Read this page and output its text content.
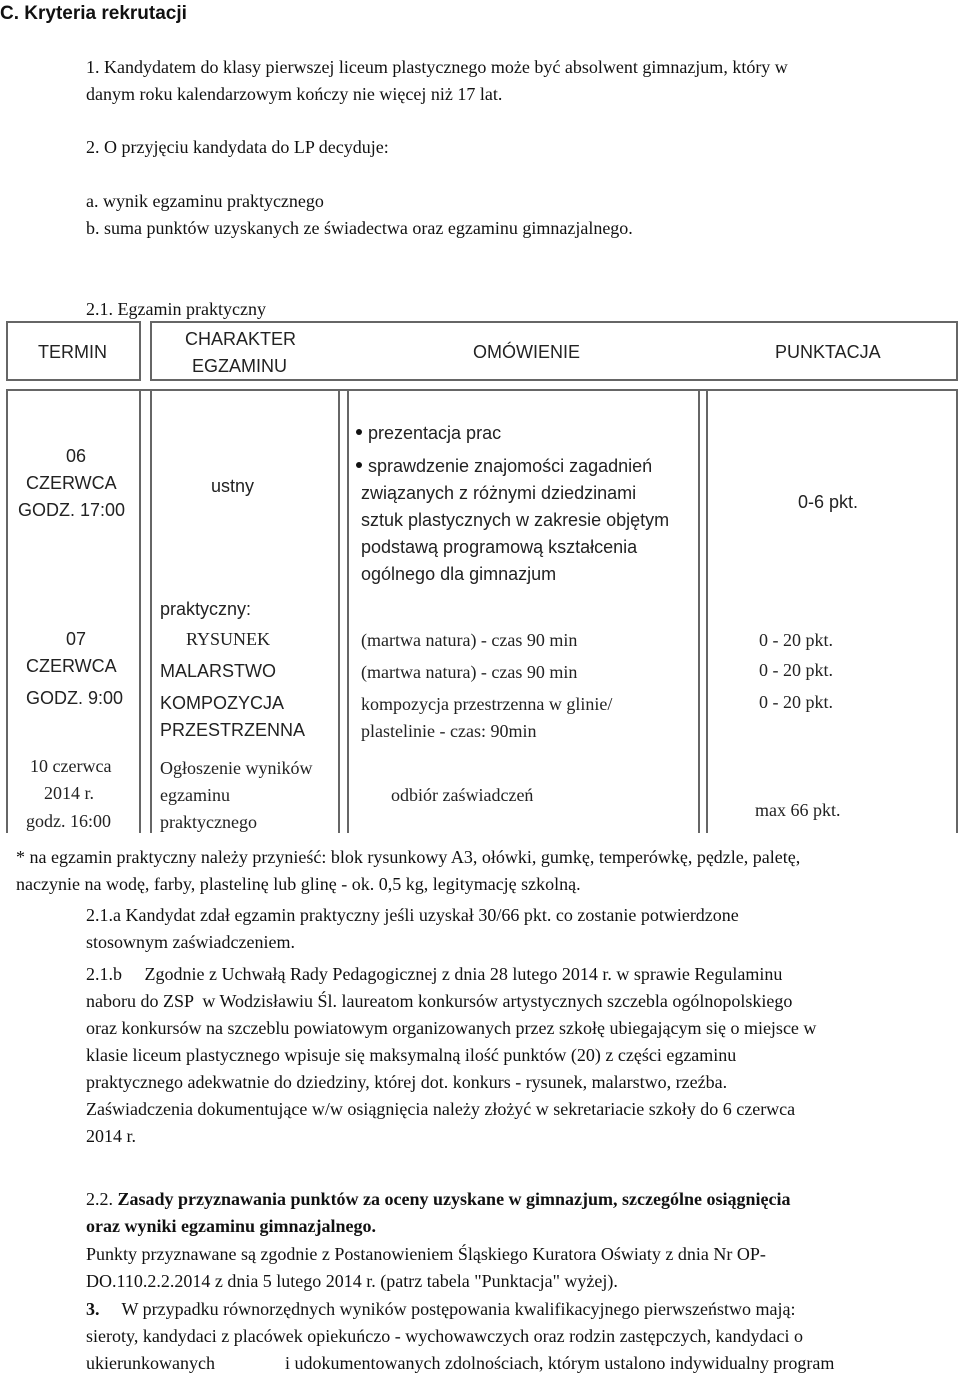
C. Kryteria rekrutacji
1. Kandydatem do klasy pierwszej liceum plastycznego może być absolwent gimnazjum, który w
danym roku kalendarzowym kończy nie więcej niż 17 lat.
2. O przyjęciu kandydata do LP decyduje:
a. wynik egzaminu praktycznego
b. suma punktów uzyskanych ze świadectwa oraz egzaminu gimnazjalnego.
2.1. Egzamin praktyczny
TERMIN
CHARAKTER
EGZAMINU
OMÓWIENIE	PUNKTACJA
06
CZERWCA
GODZ. 17:00
ustny
prezentacja prac
sprawdzenie znajomości zagadnień
związanych z różnymi dziedzinami
sztuk plastycznych w zakresie objętym
podstawą programową kształcenia
ogólnego dla gimnazjum
0-6 pkt.
07
CZERWCA
GODZ. 9:00
praktyczny:
RYSUNEK
MALARSTWO
KOMPOZYCJA
PRZESTRZENNA
(martwa natura) - czas 90 min
(martwa natura) - czas 90 min
kompozycja przestrzenna w glinie/
plastelinie - czas: 90min
0 - 20 pkt.
0 - 20 pkt.
0 - 20 pkt.
10 czerwca
2014 r.
godz. 16:00
Ogłoszenie wyników
egzaminu
praktycznego
odbiór zaświadczeń
max 66 pkt.
* na egzamin praktyczny należy przynieść: blok rysunkowy A3, ołówki, gumkę, temperówkę, pędzle, paletę,
naczynie na wodę, farby, plastelinę lub glinę - ok. 0,5 kg, legitymację szkolną.
2.1.a Kandydat zdał egzamin praktyczny jeśli uzyskał 30/66 pkt. co zostanie potwierdzone
stosownym zaświadczeniem.
2.1.b     Zgodnie z Uchwałą Rady Pedagogicznej z dnia 28 lutego 2014 r. w sprawie Regulaminu
naboru do ZSP  w Wodzisławiu Śl. laureatom konkursów artystycznych szczebla ogólnopolskiego
oraz konkursów na szczeblu powiatowym organizowanych przez szkołę ubiegającym się o miejsce w
klasie liceum plastycznego wpisuje się maksymalną ilość punktów (20) z części egzaminu
praktycznego adekwatnie do dziedziny, której dot. konkurs - rysunek, malarstwo, rzeźba.
Zaświadczenia dokumentujące w/w osiągnięcia należy złożyć w sekretariacie szkoły do 6 czerwca
2014 r.
2.2. Zasady przyznawania punktów za oceny uzyskane w gimnazjum, szczególne osiągnięcia
oraz wyniki egzaminu gimnazjalnego.
Punkty przyznawane są zgodnie z Postanowieniem Śląskiego Kuratora Oświaty z dnia Nr OP-
DO.110.2.2.2014 z dnia 5 lutego 2014 r. (patrz tabela "Punktacja" wyżej).
3. W przypadku równorzędnych wyników postępowania kwalifikacyjnego pierwszeństwo mają:
sieroty, kandydaci z placówek opiekuńczo - wychowawczych oraz rodzin zastępczych, kandydaci o
ukierunkowanych	i udokumentowanych zdolnościach, którym ustalono indywidualny program
